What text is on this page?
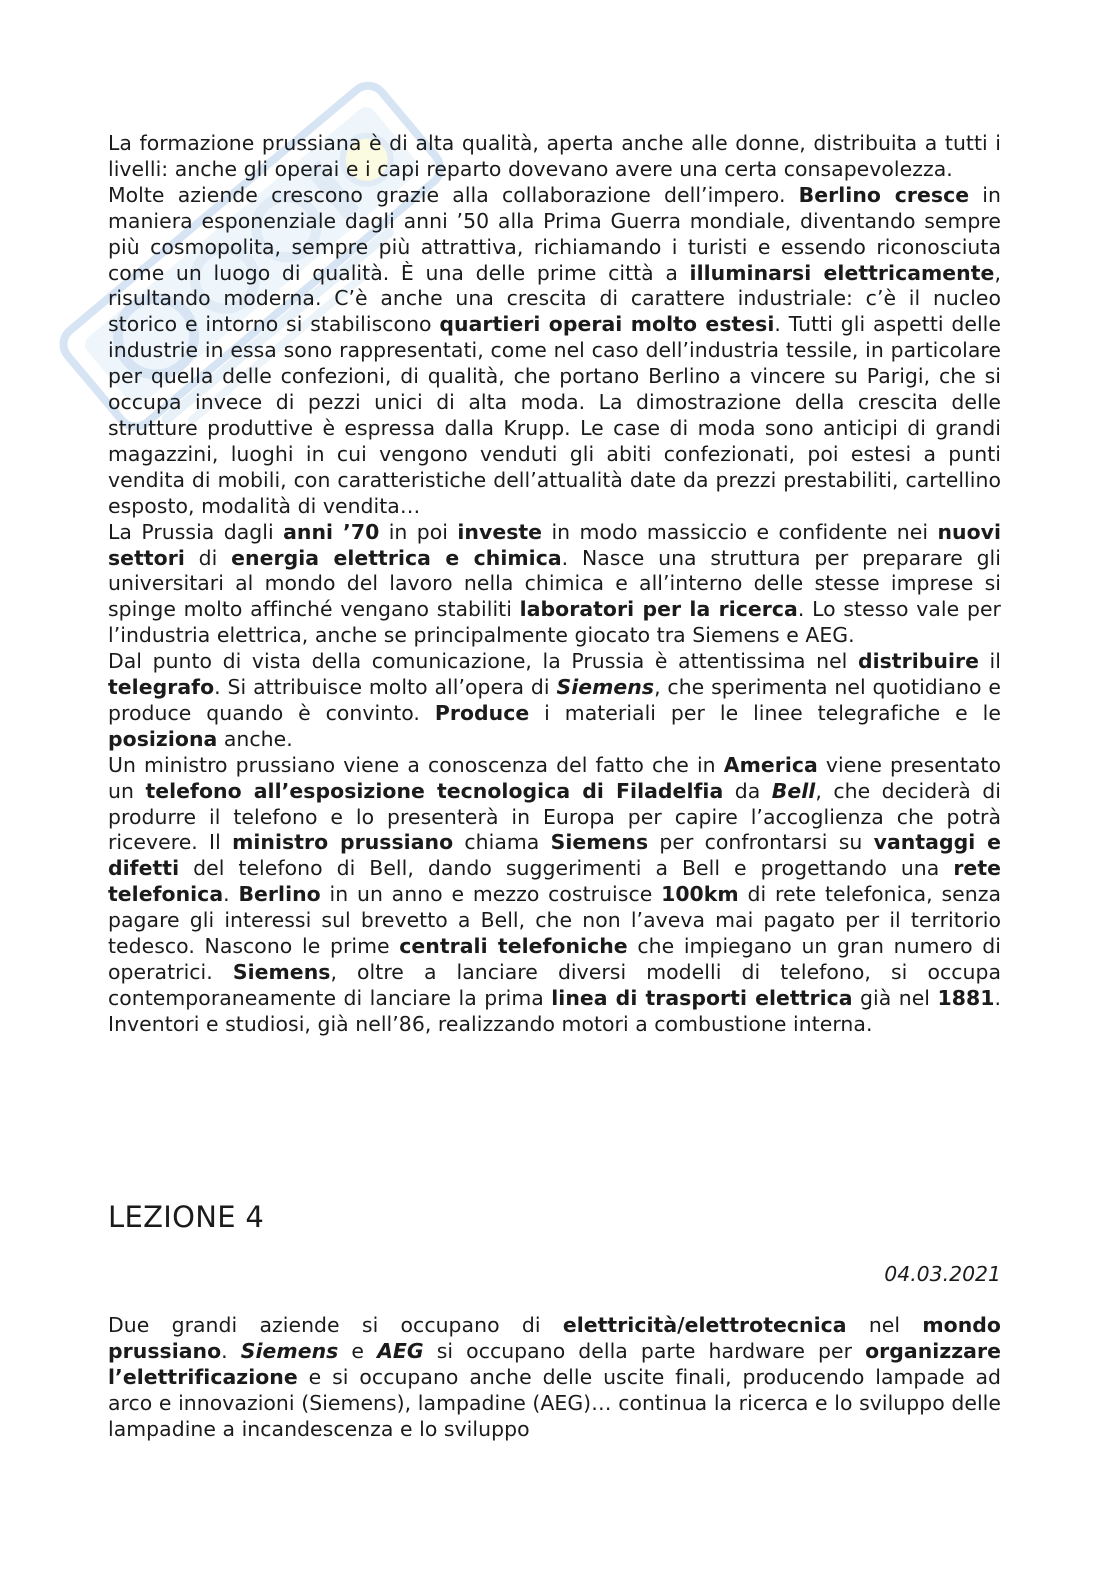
La formazione prussiana è di alta qualità, aperta anche alle donne, distribuita a tutti i livelli: anche gli operai e i capi reparto dovevano avere una certa consapevolezza.

Molte aziende crescono grazie alla collaborazione dell’impero. Berlino cresce in maniera esponenziale dagli anni ’50 alla Prima Guerra mondiale, diventando sempre più cosmopolita, sempre più attrattiva, richiamando i turisti e essendo riconosciuta come un luogo di qualità. È una delle prime città a illuminarsi elettricamente, risultando moderna. C’è anche una crescita di carattere industriale: c’è il nucleo storico e intorno si stabiliscono quartieri operai molto estesi. Tutti gli aspetti delle industrie in essa sono rappresentati, come nel caso dell’industria tessile, in particolare per quella delle confezioni, di qualità, che portano Berlino a vincere su Parigi, che si occupa invece di pezzi unici di alta moda. La dimostrazione della crescita delle strutture produttive è espressa dalla Krupp. Le case di moda sono anticipi di grandi magazzini, luoghi in cui vengono venduti gli abiti confezionati, poi estesi a punti vendita di mobili, con caratteristiche dell’attualità date da prezzi prestabiliti, cartellino esposto, modalità di vendita…

La Prussia dagli anni ’70 in poi investe in modo massiccio e confidente nei nuovi settori di energia elettrica e chimica. Nasce una struttura per preparare gli universitari al mondo del lavoro nella chimica e all’interno delle stesse imprese si spinge molto affinché vengano stabiliti laboratori per la ricerca. Lo stesso vale per l’industria elettrica, anche se principalmente giocato tra Siemens e AEG.

Dal punto di vista della comunicazione, la Prussia è attentissima nel distribuire il telegrafo. Si attribuisce molto all’opera di Siemens, che sperimenta nel quotidiano e produce quando è convinto. Produce i materiali per le linee telegrafiche e le posiziona anche.

Un ministro prussiano viene a conoscenza del fatto che in America viene presentato un telefono all’esposizione tecnologica di Filadelfia da Bell, che deciderà di produrre il telefono e lo presenterà in Europa per capire l’accoglienza che potrà ricevere. Il ministro prussiano chiama Siemens per confrontarsi su vantaggi e difetti del telefono di Bell, dando suggerimenti a Bell e progettando una rete telefonica. Berlino in un anno e mezzo costruisce 100km di rete telefonica, senza pagare gli interessi sul brevetto a Bell, che non l’aveva mai pagato per il territorio tedesco. Nascono le prime centrali telefoniche che impiegano un gran numero di operatrici. Siemens, oltre a lanciare diversi modelli di telefono, si occupa contemporaneamente di lanciare la prima linea di trasporti elettrica già nel 1881. Inventori e studiosi, già nell’86, realizzando motori a combustione interna.

LEZIONE 4

04.03.2021

Due grandi aziende si occupano di elettricità/elettrotecnica nel mondo prussiano. Siemens e AEG si occupano della parte hardware per organizzare l’elettrificazione e si occupano anche delle uscite finali, producendo lampade ad arco e innovazioni (Siemens), lampadine (AEG)… continua la ricerca e lo sviluppo delle lampadine a incandescenza e lo sviluppo
